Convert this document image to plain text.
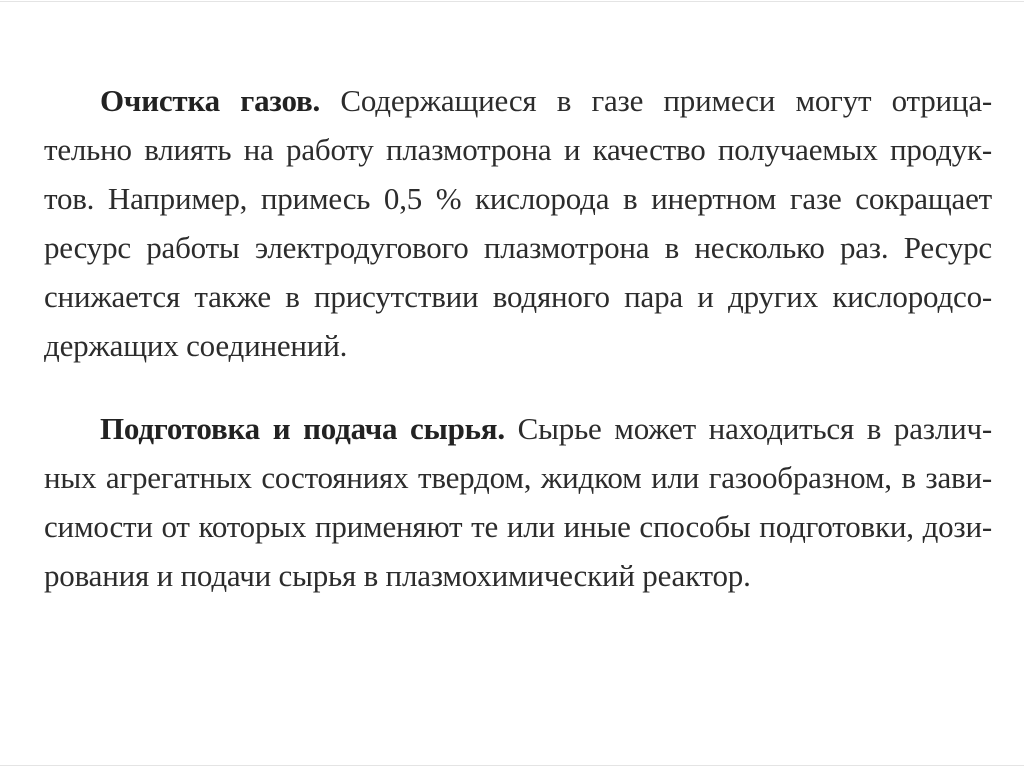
Очистка газов. Содержащиеся в газе примеси могут отрица-
тельно влиять на работу плазмотрона и качество получаемых продук-
тов. Например, примесь 0,5 % кислорода в инертном газе сокращает
ресурс работы электродугового плазмотрона в несколько раз. Ресурс
снижается также в присутствии водяного пара и других кислородсо-
держащих соединений.

Подготовка и подача сырья. Сырье может находиться в различ-
ных агрегатных состояниях твердом, жидком или газообразном, в зави-
симости от которых применяют те или иные способы подготовки, дози-
рования и подачи сырья в плазмохимический реактор.
